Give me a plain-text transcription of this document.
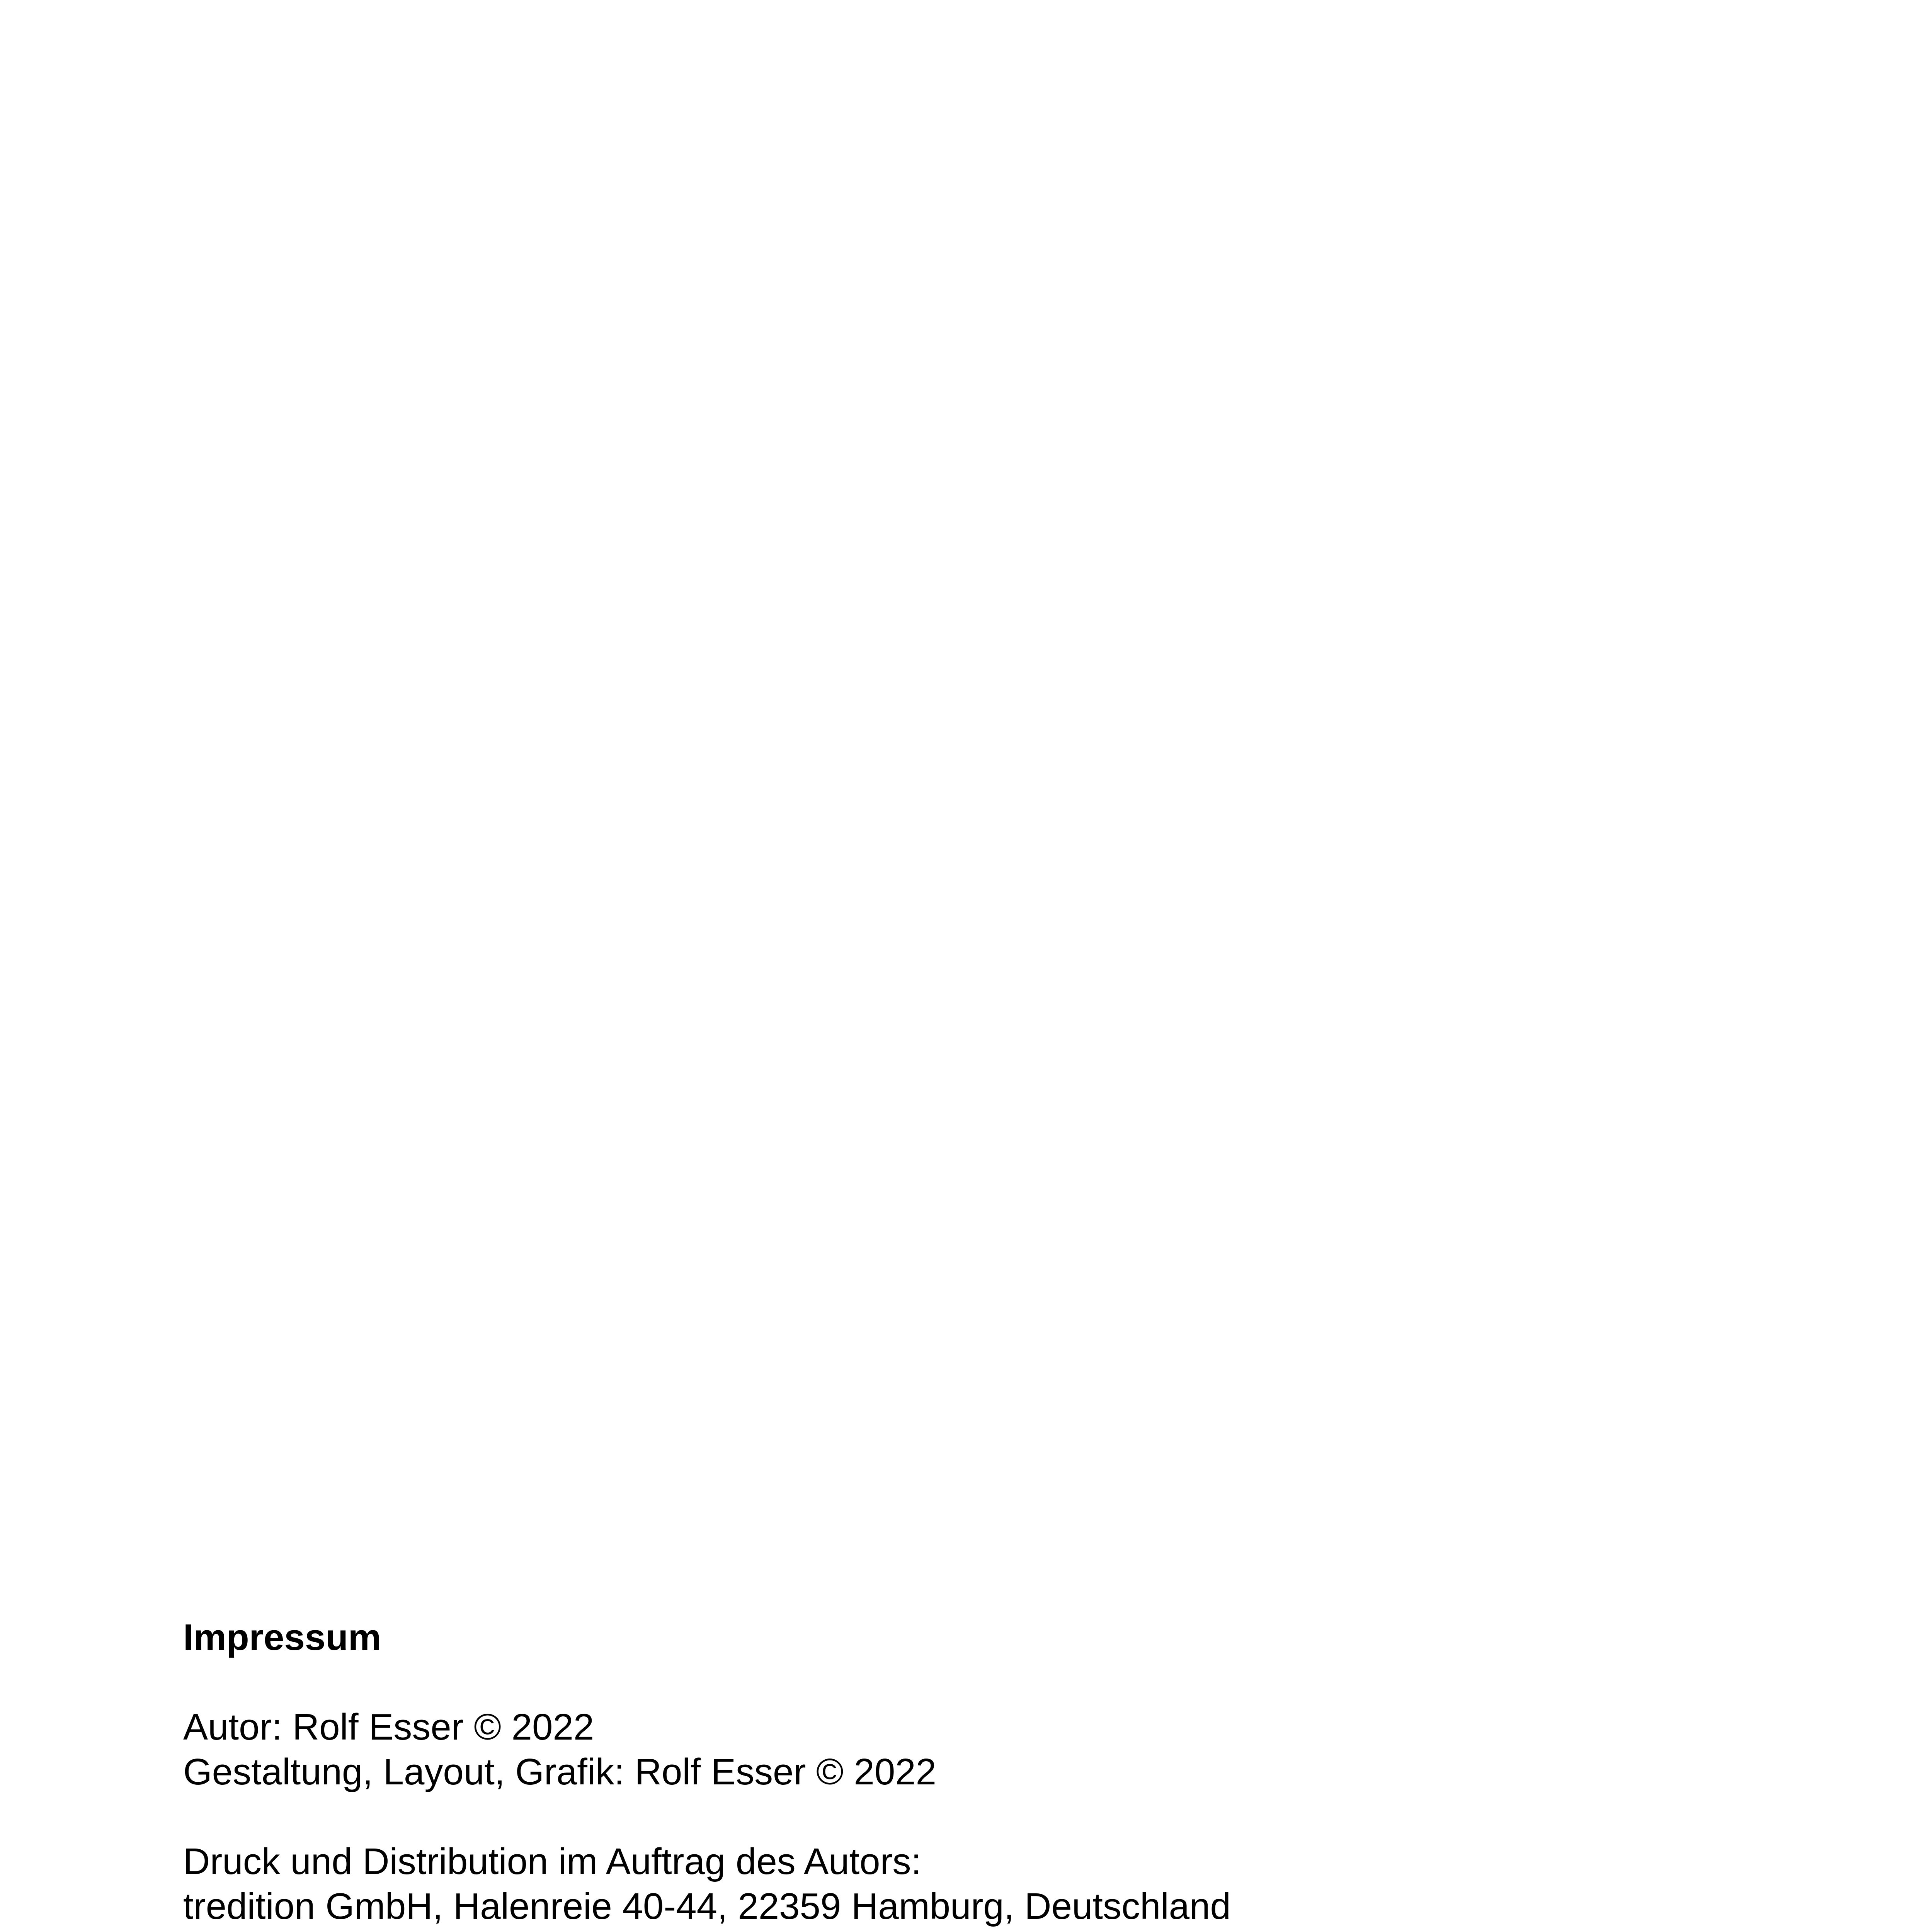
Impressum

Autor: Rolf Esser © 2022

Gestaltung, Layout, Grafik: Rolf Esser © 2022

Druck und Distribution im Auftrag des Autors:

tredition GmbH, Halenreie 40-44, 22359 Hamburg, Deutschland
